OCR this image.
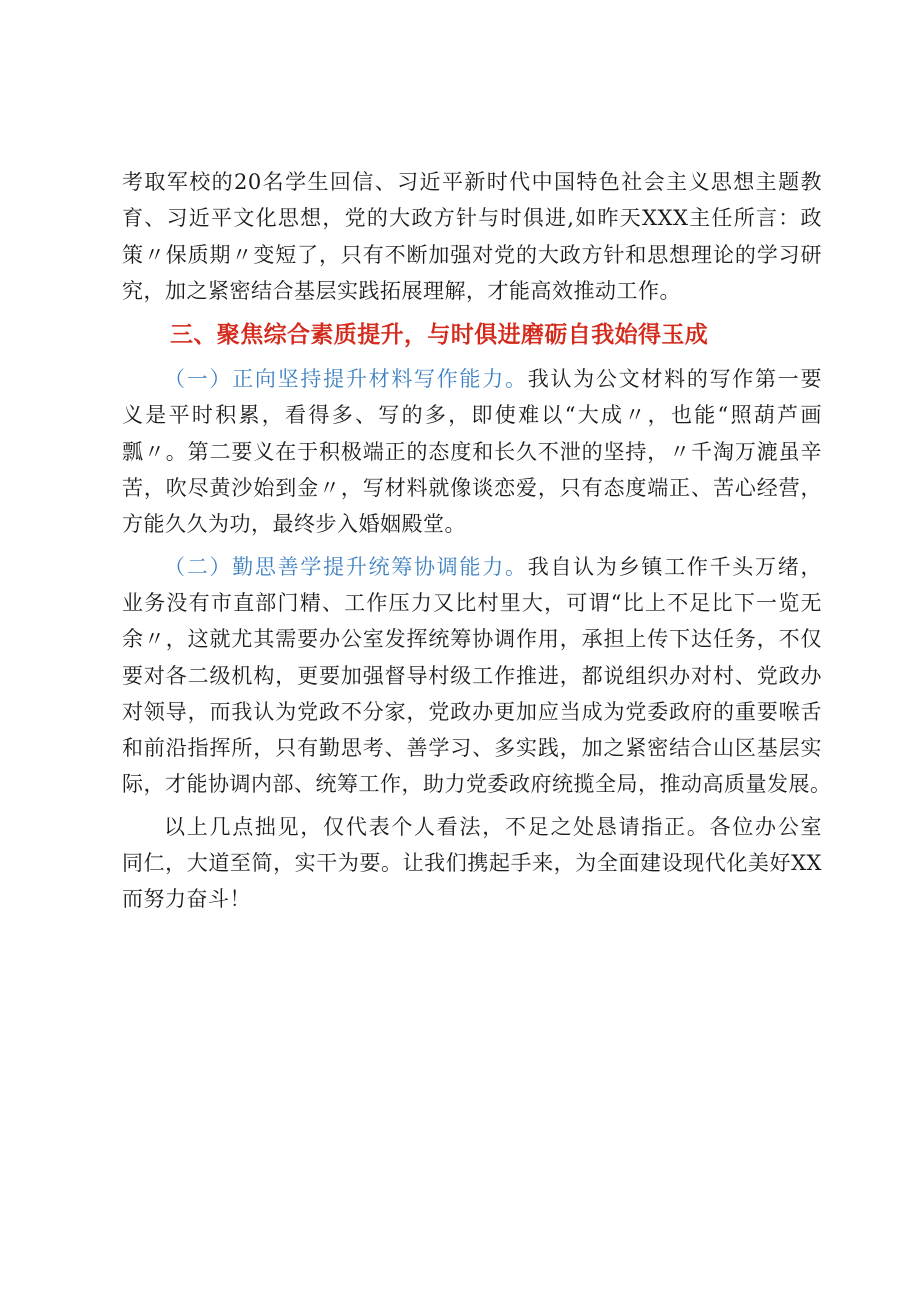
考取军校的20名学生回信、习近平新时代中国特色社会主义思想主题教
育、习近平文化思想，党的大政方针与时俱进,如昨天XXX主任所言：政
策〃保质期〃变短了，只有不断加强对党的大政方针和思想理论的学习研
究，加之紧密结合基层实践拓展理解，才能高效推动工作。
三、聚焦综合素质提升，与时俱进磨砺自我始得玉成
（一）正向坚持提升材料写作能力。我认为公文材料的写作第一要
义是平时积累，看得多、写的多，即使难以“大成〃，也能“照葫芦画
瓢〃。第二要义在于积极端正的态度和长久不泄的坚持，〃千淘万漉虽辛
苦，吹尽黄沙始到金〃，写材料就像谈恋爱，只有态度端正、苦心经营，
方能久久为功，最终步入婚姻殿堂。
（二）勤思善学提升统筹协调能力。我自认为乡镇工作千头万绪，
业务没有市直部门精、工作压力又比村里大，可谓“比上不足比下一览无
余〃，这就尤其需要办公室发挥统筹协调作用，承担上传下达任务，不仅
要对各二级机构，更要加强督导村级工作推进，都说组织办对村、党政办
对领导，而我认为党政不分家，党政办更加应当成为党委政府的重要喉舌
和前沿指挥所，只有勤思考、善学习、多实践，加之紧密结合山区基层实
际，才能协调内部、统筹工作，助力党委政府统揽全局，推动高质量发展。
以上几点拙见，仅代表个人看法，不足之处恳请指正。各位办公室
同仁，大道至简，实干为要。让我们携起手来，为全面建设现代化美好XX
而努力奋斗！
